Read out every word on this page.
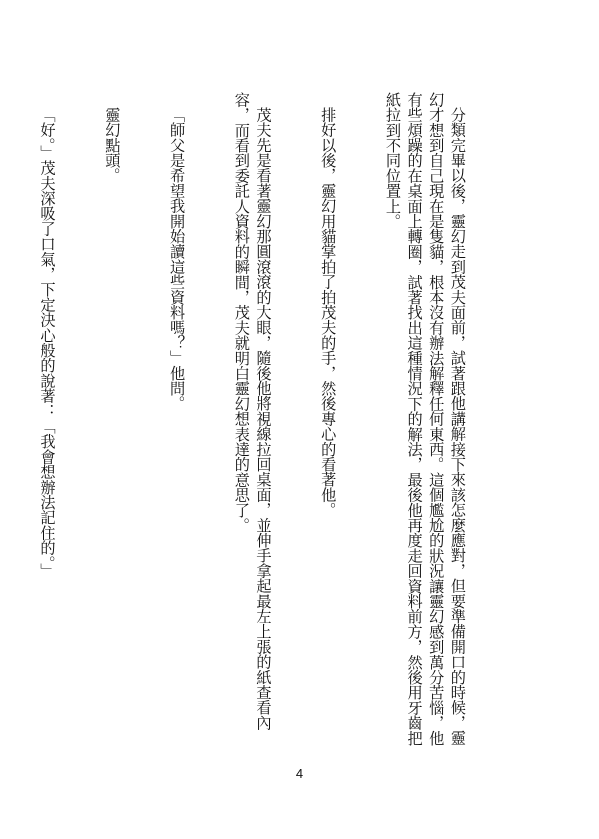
分類完畢以後，靈幻走到茂夫面前，試著跟他講解接下來該怎麼應對，但要準備開口的時候，靈幻才想到自己現在是隻貓，根本沒有辦法解釋任何東西。這個尷尬的狀況讓靈幻感到萬分苦惱，他有些煩躁的在桌面上轉圈，試著找出這種情況下的解法，最後他再度走回資料前方，然後用牙齒把紙拉到不同位置上。

排好以後，靈幻用貓掌拍了拍茂夫的手，然後專心的看著他。

茂夫先是看著靈幻那圓滾滾的大眼，隨後他將視線拉回桌面，並伸手拿起最左上張的紙查看內容，而看到委託人資料的瞬間，茂夫就明白靈幻想表達的意思了。

「師父是希望我開始讀這些資料嗎？」他問。

靈幻點頭。

「好。」茂夫深吸了口氣，下定決心般的說著：「我會想辦法記住的。」

4
